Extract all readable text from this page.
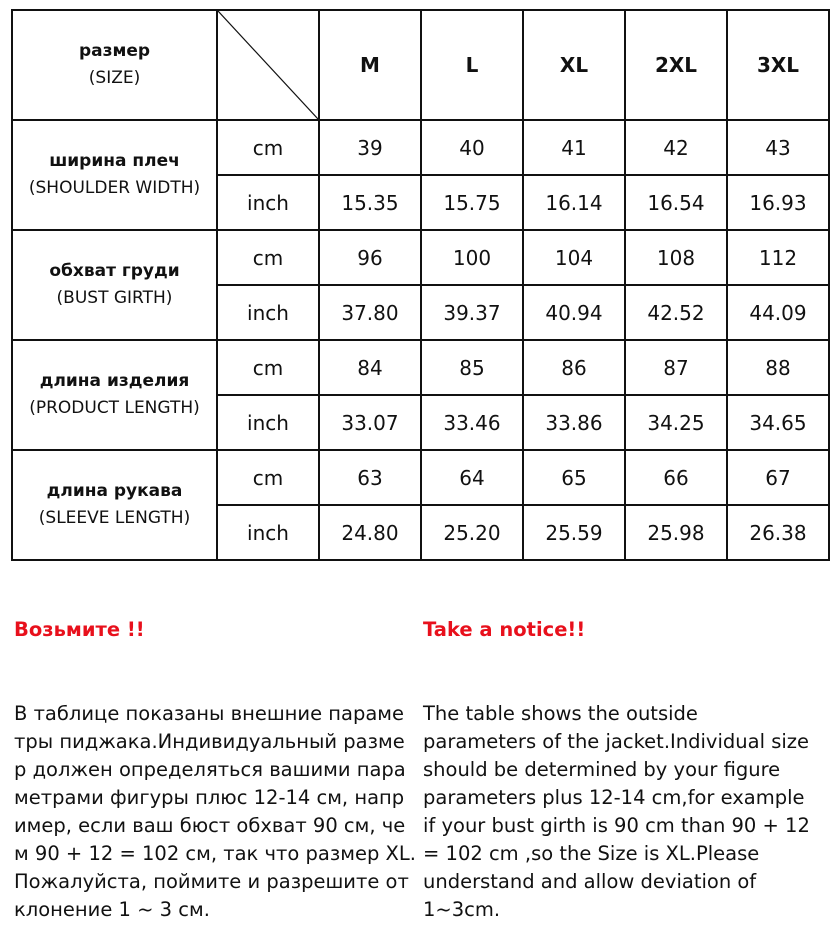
размер
(SIZE)		M	L	XL	2XL	3XL

ширина плеч
(SHOULDER WIDTH)	cm	39	40	41	42	43
	inch	15.35	15.75	16.14	16.54	16.93

обхват груди
(BUST GIRTH)	cm	96	100	104	108	112
	inch	37.80	39.37	40.94	42.52	44.09

длина изделия
(PRODUCT LENGTH)	cm	84	85	86	87	88
	inch	33.07	33.46	33.86	34.25	34.65

длина рукава
(SLEEVE LENGTH)	cm	63	64	65	66	67
	inch	24.80	25.20	25.59	25.98	26.38

Возьмите !!

В таблице показаны внешние параме
тры пиджака.Индивидуальный разме
р должен определяться вашими пара
метрами фигуры плюс 12-14 см, напр
имер, если ваш бюст обхват 90 см, че
м 90 + 12 = 102 см, так что размер XL.
Пожалуйста, поймите и разрешите от
клонение 1 ~ 3 см.

Take a notice!!

The table shows the outside
parameters of the jacket.Individual size
should be determined by your figure
parameters plus 12-14 cm,for example
if your bust girth is 90 cm than 90 + 12
= 102 cm ,so the Size is XL.Please
understand and allow deviation of
1~3cm.
